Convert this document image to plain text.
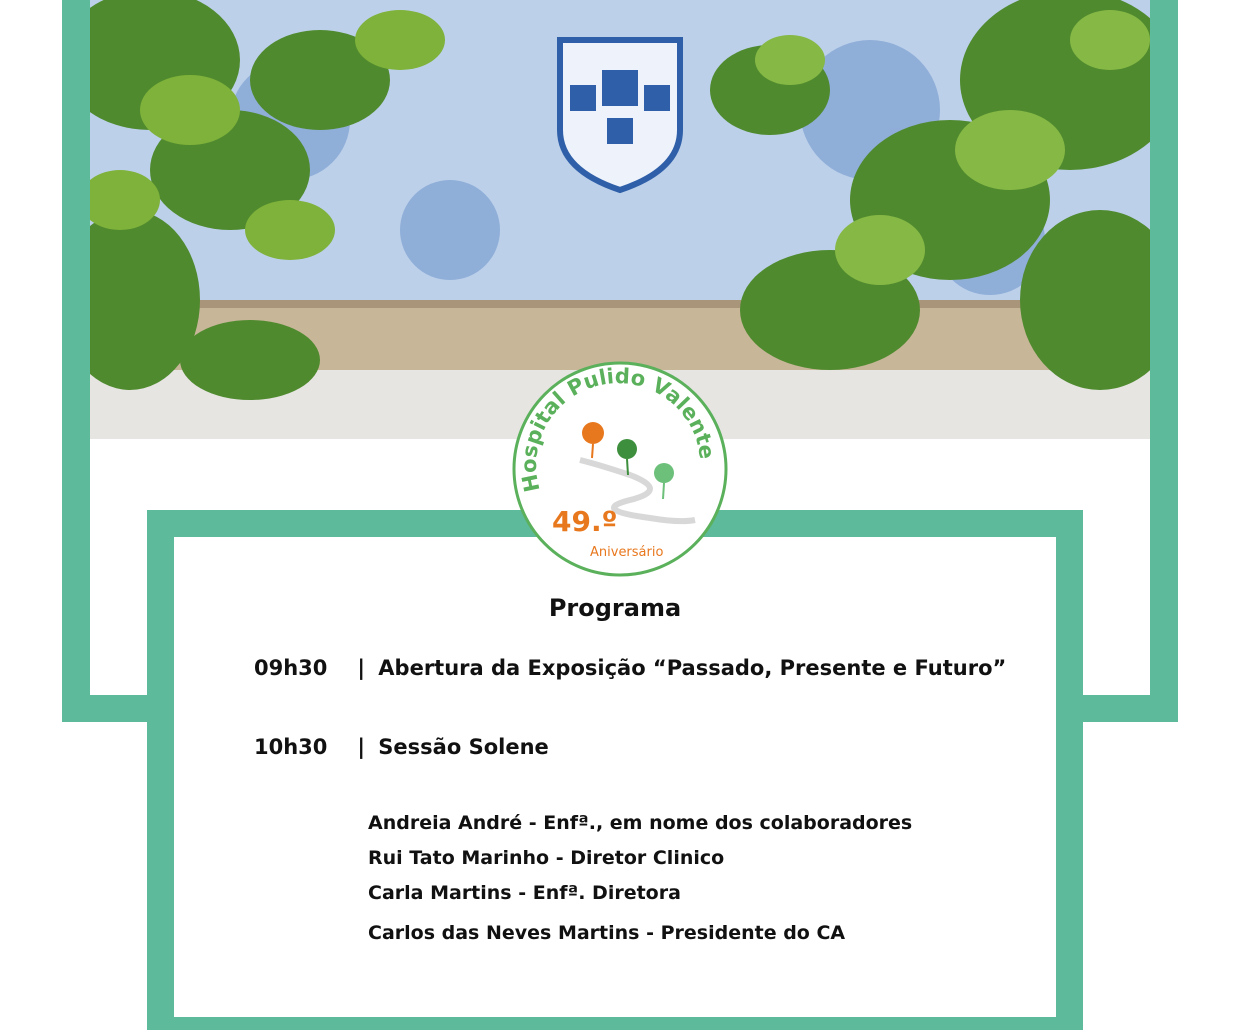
Hospital Pulido Valente
49.º
Aniversário
Programa
09h30 | Abertura da Exposição “Passado, Presente e Futuro”
10h30 | Sessão Solene
Andreia André - Enfª., em nome dos colaboradores
Rui Tato Marinho - Diretor Clinico
Carla Martins - Enfª. Diretora
Carlos das Neves Martins - Presidente do CA
